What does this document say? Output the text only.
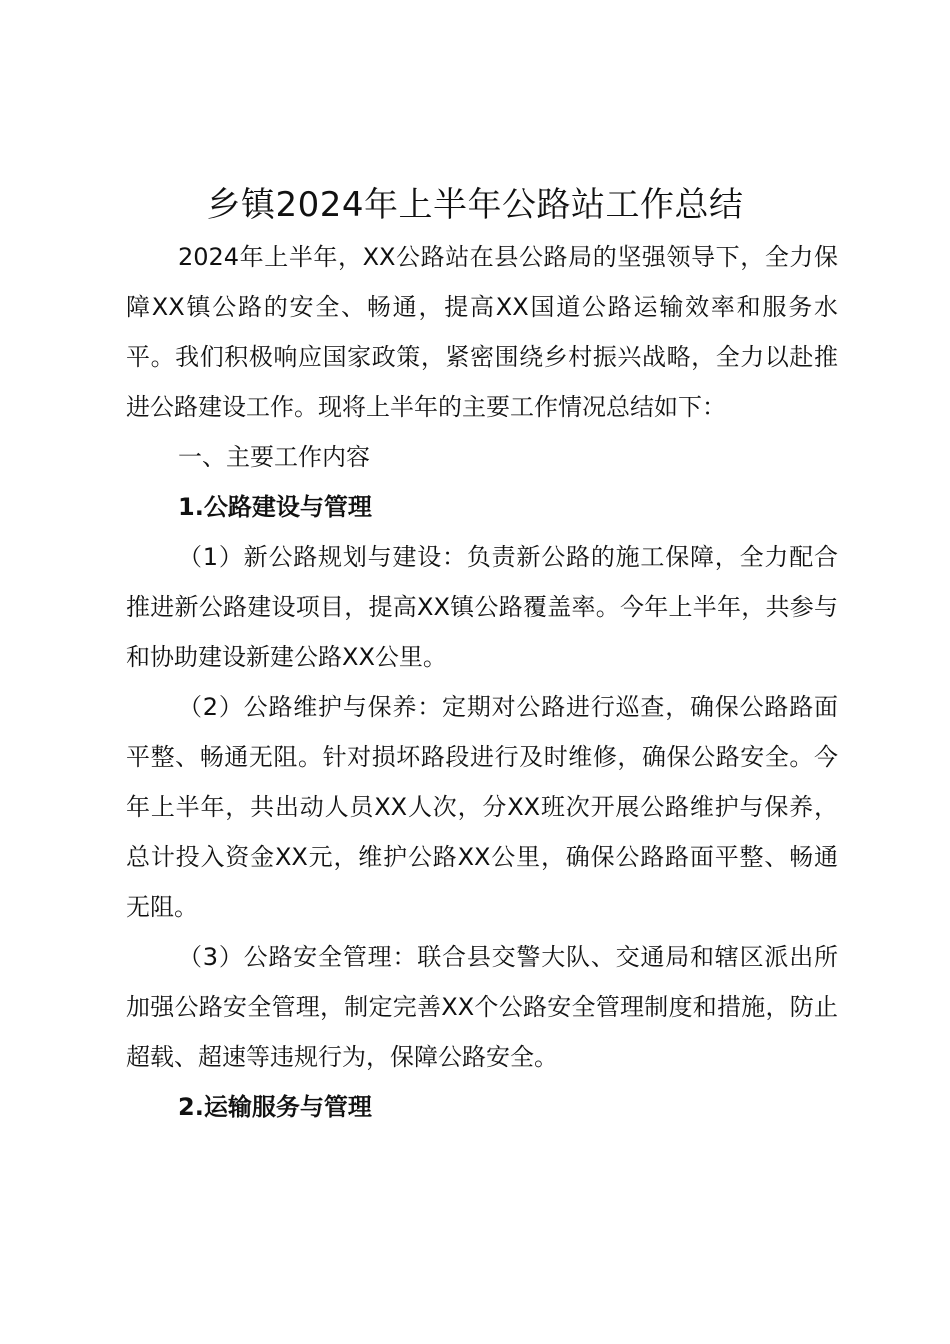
乡镇2024年上半年公路站工作总结

2024年上半年，XX公路站在县公路局的坚强领导下，全力保障XX镇公路的安全、畅通，提高XX国道公路运输效率和服务水平。我们积极响应国家政策，紧密围绕乡村振兴战略，全力以赴推进公路建设工作。现将上半年的主要工作情况总结如下：

一、主要工作内容

1.公路建设与管理

（1）新公路规划与建设：负责新公路的施工保障，全力配合推进新公路建设项目，提高XX镇公路覆盖率。今年上半年，共参与和协助建设新建公路XX公里。

（2）公路维护与保养：定期对公路进行巡查，确保公路路面平整、畅通无阻。针对损坏路段进行及时维修，确保公路安全。今年上半年，共出动人员XX人次，分XX班次开展公路维护与保养，总计投入资金XX元，维护公路XX公里，确保公路路面平整、畅通无阻。

（3）公路安全管理：联合县交警大队、交通局和辖区派出所加强公路安全管理，制定完善XX个公路安全管理制度和措施，防止超载、超速等违规行为，保障公路安全。

2.运输服务与管理
